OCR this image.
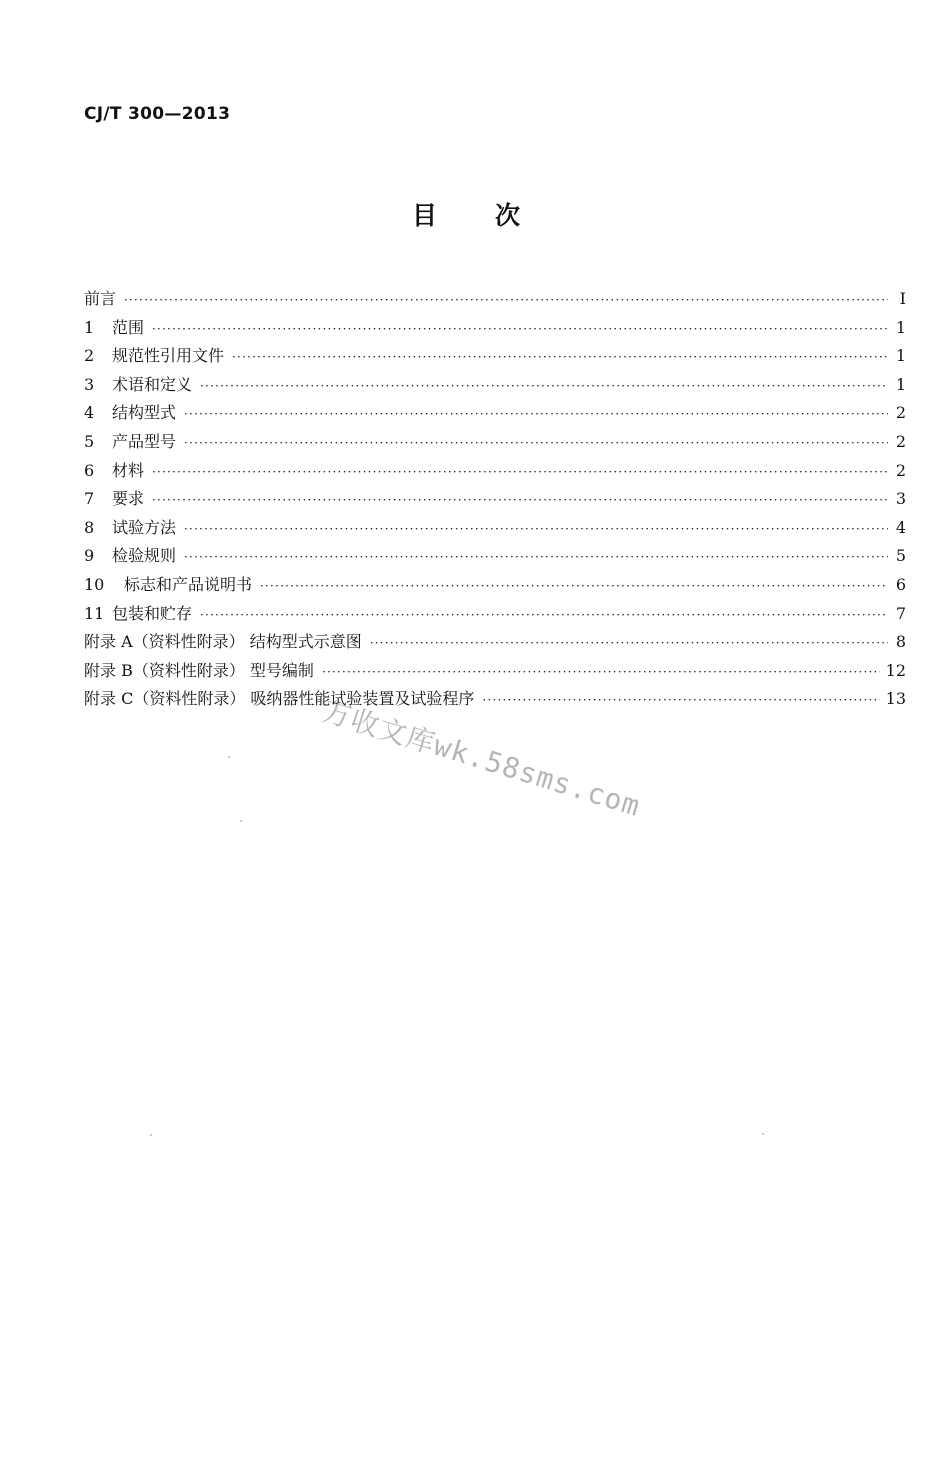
CJ/T 300—2013
目次
前言 ·····	I
1	范围 ·····	1
2	规范性引用文件 ·····	1
3	术语和定义 ·····	1
4	结构型式 ·····	2
5	产品型号 ·····	2
6	材料 ·····	2
7	要求 ·····	3
8	试验方法 ·····	4
9	检验规则 ·····	5
10	标志和产品说明书 ·····	6
11 包装和贮存 ·····	7
附录 A（资料性附录） 结构型式示意图 ·····	8
附录 B（资料性附录） 型号编制 ·····	12
附录 C（资料性附录） 吸纳器性能试验装置及试验程序 ·····	13
万收文库wk.58sms.com
